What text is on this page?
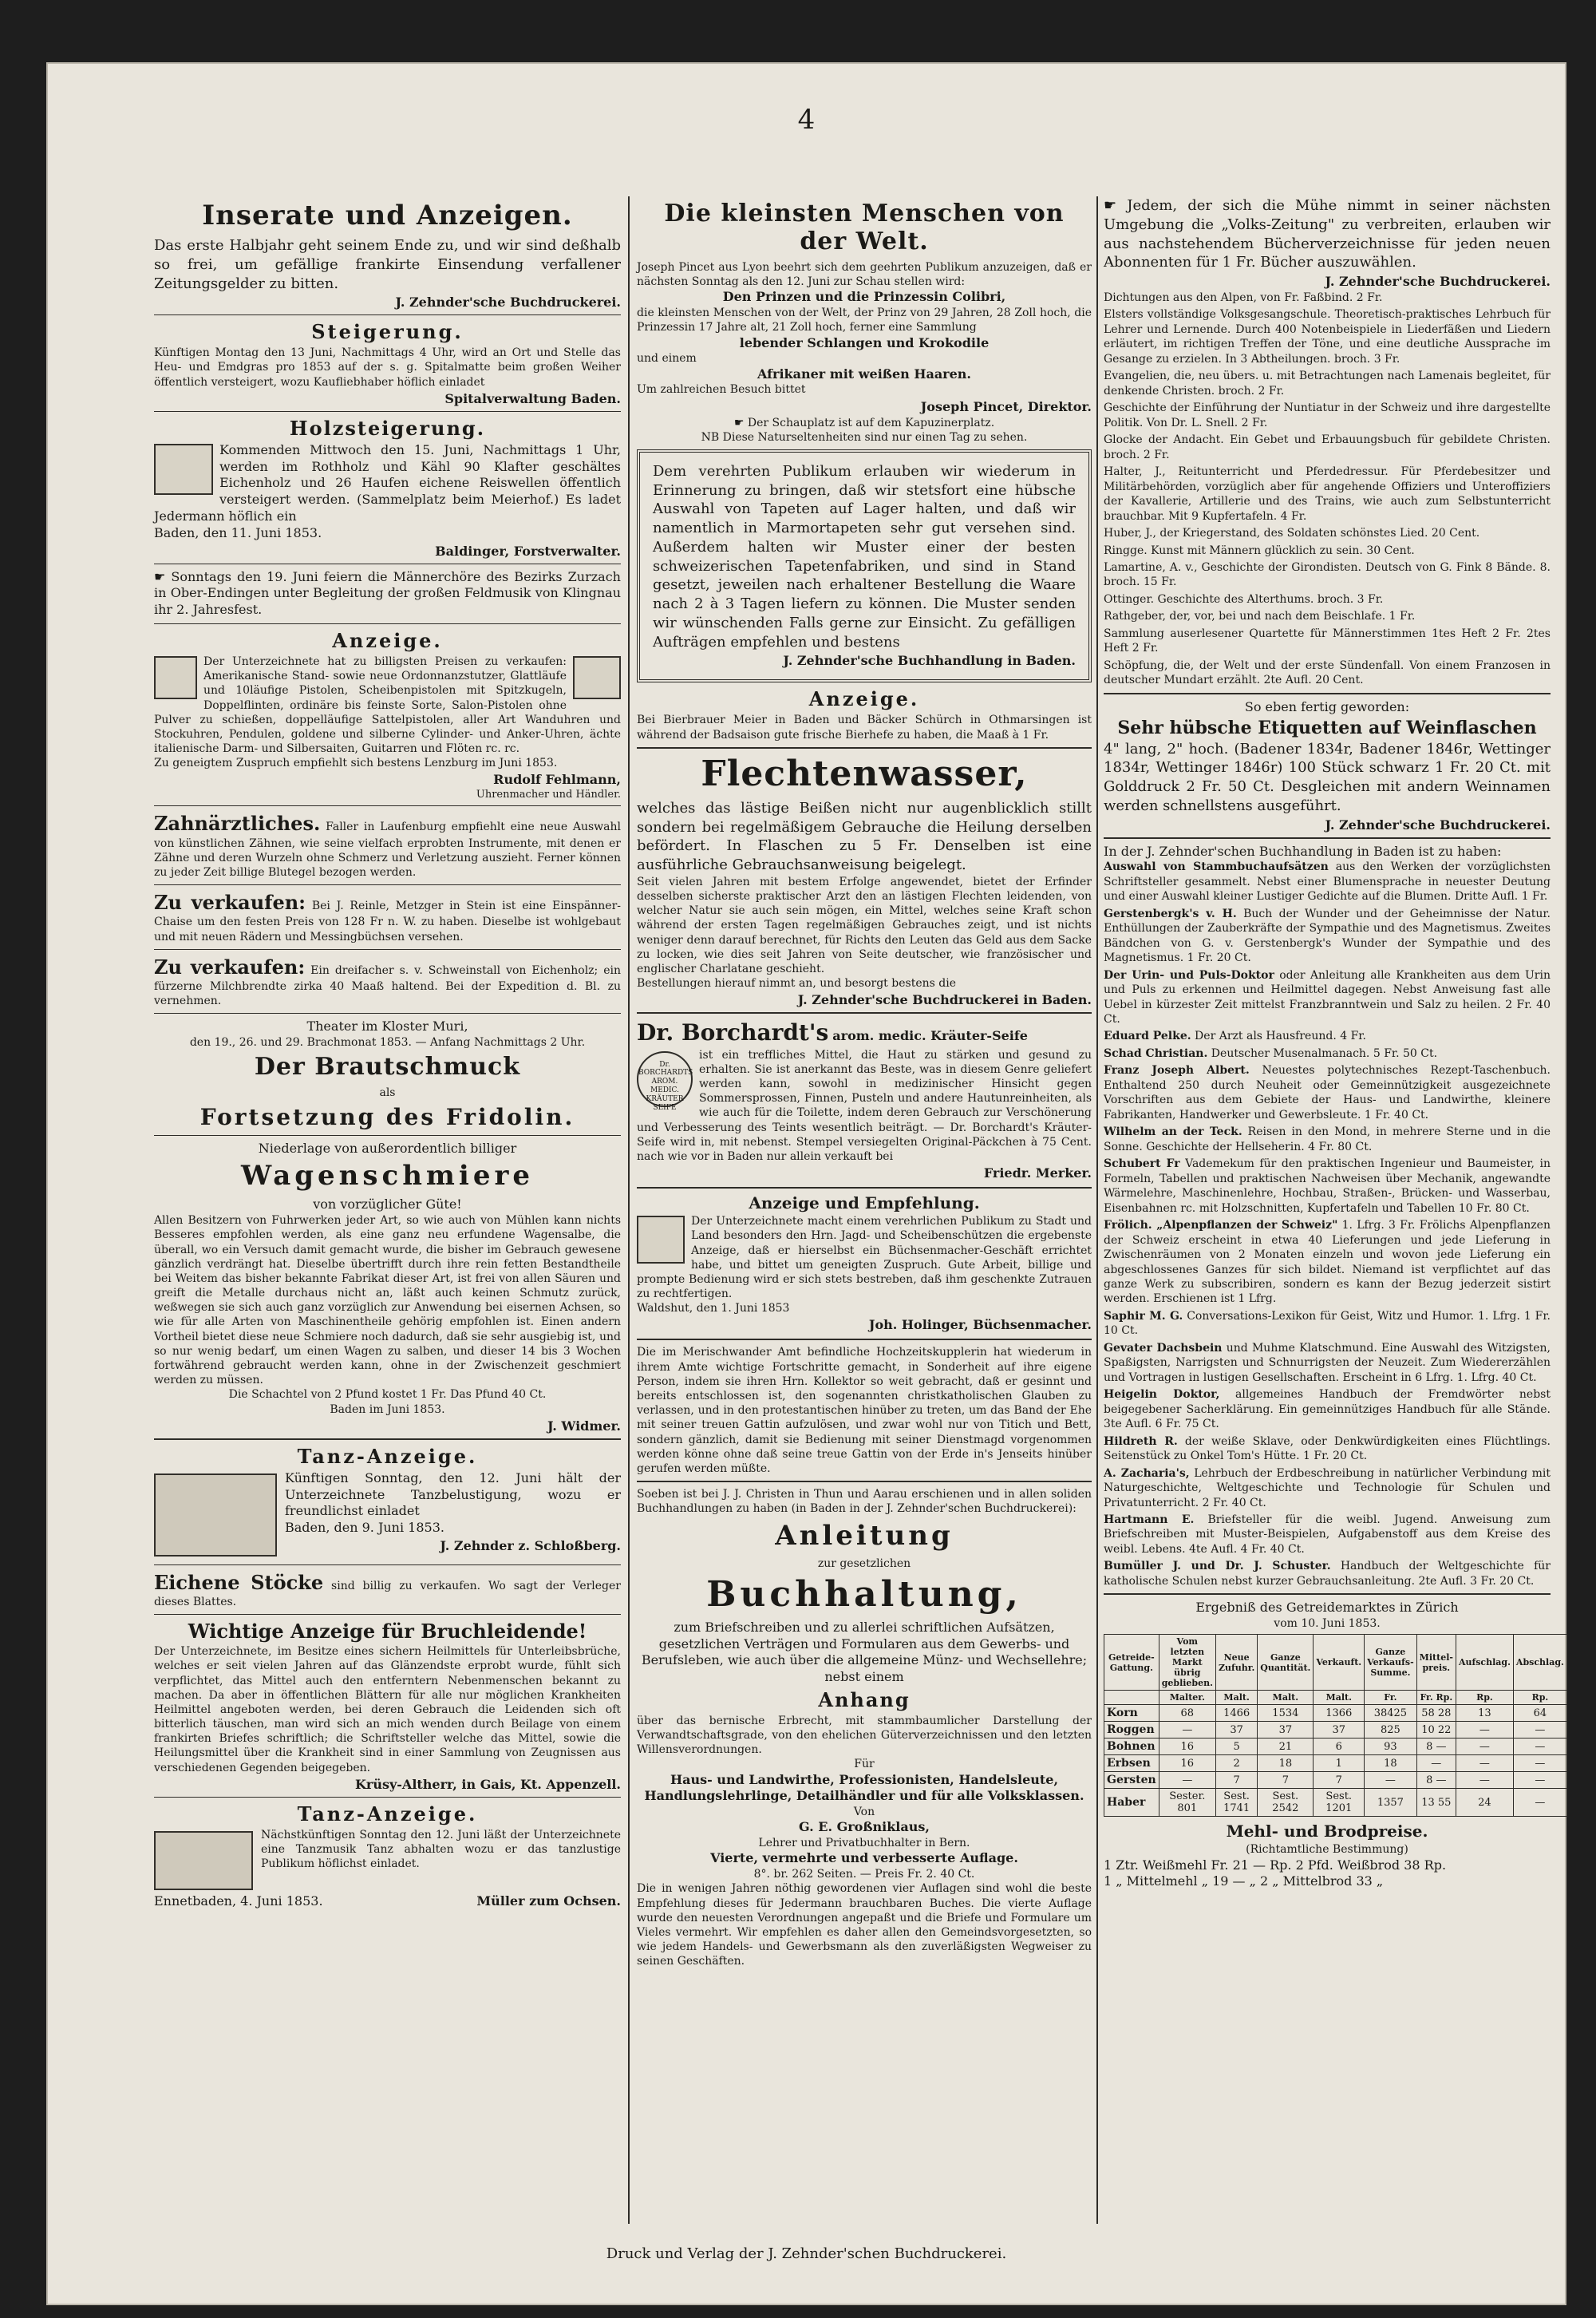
4
Inserate und Anzeigen.

Das erste Halbjahr geht seinem Ende zu, und wir sind deßhalb so frei, um gefällige frankirte Einsendung verfallener Zeitungsgelder zu bitten.

J. Zehnder'sche Buchdruckerei.
Steigerung.

Künftigen Montag den 13 Juni, Nachmittags 4 Uhr, wird an Ort und Stelle das Heu- und Emdgras pro 1853 auf der s. g. Spitalmatte beim großen Weiher öffentlich versteigert, wozu Kaufliebhaber höflich einladet

Spitalverwaltung Baden.
Holzsteigerung.

Kommenden Mittwoch den 15. Juni, Nachmittags 1 Uhr, werden im Rothholz und Kähl 90 Klafter geschältes Eichenholz und 26 Haufen eichene Reiswellen öffentlich versteigert werden. (Sammelplatz beim Meierhof.) Es ladet Jedermann höflich ein

Baden, den 11. Juni 1853.
Baldinger, Forstverwalter.

☛ Sonntags den 19. Juni feiern die Männerchöre des Bezirks Zurzach in Ober-Endingen unter Begleitung der großen Feldmusik von Klingnau ihr 2. Jahresfest.

Anzeige.

Der Unterzeichnete hat zu billigsten Preisen zu verkaufen: Amerikanische Stand- sowie neue Ordonnanzstutzer, Glattläufe und 10läufige Pistolen, Scheibenpistolen mit Spitzkugeln, Doppelflinten, ordinäre bis feinste Sorte, Salon-Pistolen ohne Pulver zu schießen, doppelläufige Sattelpistolen, aller Art Wanduhren und Stockuhren, Pendulen, goldene und silberne Cylinder- und Anker-Uhren, ächte italienische Darm- und Silbersaiten, Guitarren und Flöten rc. rc.

Zu geneigtem Zuspruch empfiehlt sich bestens Lenzburg im Juni 1853.

Rudolf Fehlmann,
Uhrenmacher und Händler.

Zahnärztliches. Faller in Laufenburg empfiehlt eine neue Auswahl von künstlichen Zähnen, wie seine vielfach erprobten Instrumente, mit denen er Zähne und deren Wurzeln ohne Schmerz und Verletzung auszieht. Ferner können zu jeder Zeit billige Blutegel bezogen werden.

Zu verkaufen: Bei J. Reinle, Metzger in Stein ist eine Einspänner-Chaise um den festen Preis von 128 Fr n. W. zu haben. Dieselbe ist wohlgebaut und mit neuen Rädern und Messingbüchsen versehen.

Zu verkaufen: Ein dreifacher s. v. Schweinstall von Eichenholz; ein fürzerne Milchbrendte zirka 40 Maaß haltend. Bei der Expedition d. Bl. zu vernehmen.

Theater im Kloster Muri,
den 19., 26. und 29. Brachmonat 1853. — Anfang Nachmittags 2 Uhr.
Der Brautschmuck
als
Fortsetzung des Fridolin.
Niederlage von außerordentlich billiger
Wagenschmiere
von vorzüglicher Güte!

Allen Besitzern von Fuhrwerken jeder Art, so wie auch von Mühlen kann nichts Besseres empfohlen werden, als eine ganz neu erfundene Wagensalbe, die überall, wo ein Versuch damit gemacht wurde, die bisher im Gebrauch gewesene gänzlich verdrängt hat. Dieselbe übertrifft durch ihre rein fetten Bestandtheile bei Weitem das bisher bekannte Fabrikat dieser Art, ist frei von allen Säuren und greift die Metalle durchaus nicht an, läßt auch keinen Schmutz zurück, weßwegen sie sich auch ganz vorzüglich zur Anwendung bei eisernen Achsen, so wie für alle Arten von Maschinentheile gehörig empfohlen ist. Einen andern Vortheil bietet diese neue Schmiere noch dadurch, daß sie sehr ausgiebig ist, und so nur wenig bedarf, um einen Wagen zu salben, und dieser 14 bis 3 Wochen fortwährend gebraucht werden kann, ohne in der Zwischenzeit geschmiert werden zu müssen.

Die Schachtel von 2 Pfund kostet 1 Fr. Das Pfund 40 Ct.
Baden im Juni 1853.
J. Widmer.
Tanz-Anzeige.

Künftigen Sonntag, den 12. Juni hält der Unterzeichnete Tanzbelustigung, wozu er freundlichst einladet

Baden, den 9. Juni 1853.
J. Zehnder z. Schloßberg.

Eichene Stöcke sind billig zu verkaufen. Wo sagt der Verleger dieses Blattes.

Wichtige Anzeige für Bruchleidende!

Der Unterzeichnete, im Besitze eines sichern Heilmittels für Unterleibsbrüche, welches er seit vielen Jahren auf das Glänzendste erprobt wurde, fühlt sich verpflichtet, das Mittel auch den entferntern Nebenmenschen bekannt zu machen. Da aber in öffentlichen Blättern für alle nur möglichen Krankheiten Heilmittel angeboten werden, bei deren Gebrauch die Leidenden sich oft bitterlich täuschen, man wird sich an mich wenden durch Beilage von einem frankirten Briefes schriftlich; die Schriftsteller welche das Mittel, sowie die Heilungsmittel über die Krankheit sind in einer Sammlung von Zeugnissen aus verschiedenen Gegenden beigegeben.

Krüsy-Altherr, in Gais, Kt. Appenzell.
Tanz-Anzeige.

Nächstkünftigen Sonntag den 12. Juni läßt der Unterzeichnete eine Tanzmusik Tanz abhalten wozu er das tanzlustige Publikum höflichst einladet.

Ennetbaden, 4. Juni 1853.	Müller zum Ochsen.
Die kleinsten Menschen von der Welt.

Joseph Pincet aus Lyon beehrt sich dem geehrten Publikum anzuzeigen, daß er nächsten Sonntag als den 12. Juni zur Schau stellen wird:

Den Prinzen und die Prinzessin Colibri,

die kleinsten Menschen von der Welt, der Prinz von 29 Jahren, 28 Zoll hoch, die Prinzessin 17 Jahre alt, 21 Zoll hoch, ferner eine Sammlung

lebender Schlangen und Krokodile
und einem
Afrikaner mit weißen Haaren.
Um zahlreichen Besuch bittet
Joseph Pincet, Direktor.
☛ Der Schauplatz ist auf dem Kapuzinerplatz.
NB Diese Naturseltenheiten sind nur einen Tag zu sehen.

Dem verehrten Publikum erlauben wir wiederum in Erinnerung zu bringen, daß wir stetsfort eine hübsche Auswahl von Tapeten auf Lager halten, und daß wir namentlich in Marmortapeten sehr gut versehen sind. Außerdem halten wir Muster einer der besten schweizerischen Tapetenfabriken, und sind in Stand gesetzt, jeweilen nach erhaltener Bestellung die Waare nach 2 à 3 Tagen liefern zu können. Die Muster senden wir wünschenden Falls gerne zur Einsicht. Zu gefälligen Aufträgen empfehlen und bestens

J. Zehnder'sche Buchhandlung in Baden.
Anzeige.

Bei Bierbrauer Meier in Baden und Bäcker Schürch in Othmarsingen ist während der Badsaison gute frische Bierhefe zu haben, die Maaß à 1 Fr.

Flechtenwasser,

welches das lästige Beißen nicht nur augenblicklich stillt sondern bei regelmäßigem Gebrauche die Heilung derselben befördert. In Flaschen zu 5 Fr. Denselben ist eine ausführliche Gebrauchsanweisung beigelegt.

Seit vielen Jahren mit bestem Erfolge angewendet, bietet der Erfinder desselben sicherste praktischer Arzt den an lästigen Flechten leidenden, von welcher Natur sie auch sein mögen, ein Mittel, welches seine Kraft schon während der ersten Tagen regelmäßigen Gebrauches zeigt, und ist nichts weniger denn darauf berechnet, für Richts den Leuten das Geld aus dem Sacke zu locken, wie dies seit Jahren von Seite deutscher, wie französischer und englischer Charlatane geschieht.

Bestellungen hierauf nimmt an, und besorgt bestens die
J. Zehnder'sche Buchdruckerei in Baden.
Dr. Borchardt's arom. medic. Kräuter-Seife
Dr. BORCHARDTS AROM. MEDIC. KRÄUTER SEIFE

ist ein treffliches Mittel, die Haut zu stärken und gesund zu erhalten. Sie ist anerkannt das Beste, was in diesem Genre geliefert werden kann, sowohl in medizinischer Hinsicht gegen Sommersprossen, Finnen, Pusteln und andere Hautunreinheiten, als wie auch für die Toilette, indem deren Gebrauch zur Verschönerung und Verbesserung des Teints wesentlich beiträgt. — Dr. Borchardt's Kräuter-Seife wird in, mit nebenst. Stempel versiegelten Original-Päckchen à 75 Cent. nach wie vor in Baden nur allein verkauft bei

Friedr. Merker.
Anzeige und Empfehlung.

Der Unterzeichnete macht einem verehrlichen Publikum zu Stadt und Land besonders den Hrn. Jagd- und Scheibenschützen die ergebenste Anzeige, daß er hierselbst ein Büchsenmacher-Geschäft errichtet habe, und bittet um geneigten Zuspruch. Gute Arbeit, billige und prompte Bedienung wird er sich stets bestreben, daß ihm geschenkte Zutrauen zu rechtfertigen.

Waldshut, den 1. Juni 1853
Joh. Holinger, Büchsenmacher.

Die im Merischwander Amt befindliche Hochzeitskupplerin hat wiederum in ihrem Amte wichtige Fortschritte gemacht, in Sonderheit auf ihre eigene Person, indem sie ihren Hrn. Kollektor so weit gebracht, daß er gesinnt und bereits entschlossen ist, den sogenannten christkatholischen Glauben zu verlassen, und in den protestantischen hinüber zu treten, um das Band der Ehe mit seiner treuen Gattin aufzulösen, und zwar wohl nur von Titich und Bett, sondern gänzlich, damit sie Bedienung mit seiner Dienstmagd vorgenommen werden könne ohne daß seine treue Gattin von der Erde in's Jenseits hinüber gerufen werden müßte.

Soeben ist bei J. J. Christen in Thun und Aarau erschienen und in allen soliden Buchhandlungen zu haben (in Baden in der J. Zehnder'schen Buchdruckerei):

Anleitung
zur gesetzlichen
Buchhaltung,

zum Briefschreiben und zu allerlei schriftlichen Aufsätzen, gesetzlichen Verträgen und Formularen aus dem Gewerbs- und Berufsleben, wie auch über die allgemeine Münz- und Wechsellehre; nebst einem

Anhang

über das bernische Erbrecht, mit stammbaumlicher Darstellung der Verwandtschaftsgrade, von den ehelichen Güterverzeichnissen und den letzten Willensverordnungen.

Für
Haus- und Landwirthe, Professionisten, Handelsleute, Handlungslehrlinge, Detailhändler und für alle Volksklassen.
Von
G. E. Großniklaus,
Lehrer und Privatbuchhalter in Bern.
Vierte, vermehrte und verbesserte Auflage.
8°. br. 262 Seiten. — Preis Fr. 2. 40 Ct.

Die in wenigen Jahren nöthig gewordenen vier Auflagen sind wohl die beste Empfehlung dieses für Jedermann brauchbaren Buches. Die vierte Auflage wurde den neuesten Verordnungen angepaßt und die Briefe und Formulare um Vieles vermehrt. Wir empfehlen es daher allen den Gemeindsvorgesetzten, so wie jedem Handels- und Gewerbsmann als den zuverläßigsten Wegweiser zu seinen Geschäften.

☛ Jedem, der sich die Mühe nimmt in seiner nächsten Umgebung die „Volks-Zeitung" zu verbreiten, erlauben wir aus nachstehendem Bücherverzeichnisse für jeden neuen Abonnenten für 1 Fr. Bücher auszuwählen.

J. Zehnder'sche Buchdruckerei.

Dichtungen aus den Alpen, von Fr. Faßbind. 2 Fr.

Elsters vollständige Volksgesangschule. Theoretisch-praktisches Lehrbuch für Lehrer und Lernende. Durch 400 Notenbeispiele in Liederfäßen und Liedern erläutert, im richtigen Treffen der Töne, und eine deutliche Aussprache im Gesange zu erzielen. In 3 Abtheilungen. broch. 3 Fr.

Evangelien, die, neu übers. u. mit Betrachtungen nach Lamenais begleitet, für denkende Christen. broch. 2 Fr.

Geschichte der Einführung der Nuntiatur in der Schweiz und ihre dargestellte Politik. Von Dr. L. Snell. 2 Fr.

Glocke der Andacht. Ein Gebet und Erbauungsbuch für gebildete Christen. broch. 2 Fr.

Halter, J., Reitunterricht und Pferdedressur. Für Pferdebesitzer und Militärbehörden, vorzüglich aber für angehende Offiziers und Unteroffiziers der Kavallerie, Artillerie und des Trains, wie auch zum Selbstunterricht brauchbar. Mit 9 Kupfertafeln. 4 Fr.

Huber, J., der Kriegerstand, des Soldaten schönstes Lied. 20 Cent.

Ringge. Kunst mit Männern glücklich zu sein. 30 Cent.

Lamartine, A. v., Geschichte der Girondisten. Deutsch von G. Fink 8 Bände. 8. broch. 15 Fr.

Ottinger. Geschichte des Alterthums. broch. 3 Fr.

Rathgeber, der, vor, bei und nach dem Beischlafe. 1 Fr.

Sammlung auserlesener Quartette für Männerstimmen 1tes Heft 2 Fr. 2tes Heft 2 Fr.

Schöpfung, die, der Welt und der erste Sündenfall. Von einem Franzosen in deutscher Mundart erzählt. 2te Aufl. 20 Cent.

So eben fertig geworden:
Sehr hübsche Etiquetten auf Weinflaschen

4" lang, 2" hoch. (Badener 1834r, Badener 1846r, Wettinger 1834r, Wettinger 1846r) 100 Stück schwarz 1 Fr. 20 Ct. mit Golddruck 2 Fr. 50 Ct. Desgleichen mit andern Weinnamen werden schnellstens ausgeführt.

J. Zehnder'sche Buchdruckerei.

In der J. Zehnder'schen Buchhandlung in Baden ist zu haben:

Auswahl von Stammbuchaufsätzen aus den Werken der vorzüglichsten Schriftsteller gesammelt. Nebst einer Blumensprache in neuester Deutung und einer Auswahl kleiner Lustiger Gedichte auf die Blumen. Dritte Aufl. 1 Fr.

Gerstenbergk's v. H. Buch der Wunder und der Geheimnisse der Natur. Enthüllungen der Zauberkräfte der Sympathie und des Magnetismus. Zweites Bändchen von G. v. Gerstenbergk's Wunder der Sympathie und des Magnetismus. 1 Fr. 20 Ct.

Der Urin- und Puls-Doktor oder Anleitung alle Krankheiten aus dem Urin und Puls zu erkennen und Heilmittel dagegen. Nebst Anweisung fast alle Uebel in kürzester Zeit mittelst Franzbranntwein und Salz zu heilen. 2 Fr. 40 Ct.

Eduard Pelke. Der Arzt als Hausfreund. 4 Fr.

Schad Christian. Deutscher Musenalmanach. 5 Fr. 50 Ct.

Franz Joseph Albert. Neuestes polytechnisches Rezept-Taschenbuch. Enthaltend 250 durch Neuheit oder Gemeinnützigkeit ausgezeichnete Vorschriften aus dem Gebiete der Haus- und Landwirthe, kleinere Fabrikanten, Handwerker und Gewerbsleute. 1 Fr. 40 Ct.

Wilhelm an der Teck. Reisen in den Mond, in mehrere Sterne und in die Sonne. Geschichte der Hellseherin. 4 Fr. 80 Ct.

Schubert Fr Vademekum für den praktischen Ingenieur und Baumeister, in Formeln, Tabellen und praktischen Nachweisen über Mechanik, angewandte Wärmelehre, Maschinenlehre, Hochbau, Straßen-, Brücken- und Wasserbau, Eisenbahnen rc. mit Holzschnitten, Kupfertafeln und Tabellen 10 Fr. 80 Ct.

Frölich. „Alpenpflanzen der Schweiz" 1. Lfrg. 3 Fr. Frölichs Alpenpflanzen der Schweiz erscheint in etwa 40 Lieferungen und jede Lieferung in Zwischenräumen von 2 Monaten einzeln und wovon jede Lieferung ein abgeschlossenes Ganzes für sich bildet. Niemand ist verpflichtet auf das ganze Werk zu subscribiren, sondern es kann der Bezug jederzeit sistirt werden. Erschienen ist 1 Lfrg.

Saphir M. G. Conversations-Lexikon für Geist, Witz und Humor. 1. Lfrg. 1 Fr. 10 Ct.

Gevater Dachsbein und Muhme Klatschmund. Eine Auswahl des Witzigsten, Spaßigsten, Narrigsten und Schnurrigsten der Neuzeit. Zum Wiedererzählen und Vortragen in lustigen Gesellschaften. Erscheint in 6 Lfrg. 1. Lfrg. 40 Ct.

Heigelin Doktor, allgemeines Handbuch der Fremdwörter nebst beigegebener Sacherklärung. Ein gemeinnütziges Handbuch für alle Stände. 3te Aufl. 6 Fr. 75 Ct.

Hildreth R. der weiße Sklave, oder Denkwürdigkeiten eines Flüchtlings. Seitenstück zu Onkel Tom's Hütte. 1 Fr. 20 Ct.

A. Zacharia's, Lehrbuch der Erdbeschreibung in natürlicher Verbindung mit Naturgeschichte, Weltgeschichte und Technologie für Schulen und Privatunterricht. 2 Fr. 40 Ct.

Hartmann E. Briefsteller für die weibl. Jugend. Anweisung zum Briefschreiben mit Muster-Beispielen, Aufgabenstoff aus dem Kreise des weibl. Lebens. 4te Aufl. 4 Fr. 40 Ct.

Bumüller J. und Dr. J. Schuster. Handbuch der Weltgeschichte für katholische Schulen nebst kurzer Gebrauchsanleitung. 2te Aufl. 3 Fr. 20 Ct.

Ergebniß des Getreidemarktes in Zürich
vom 10. Juni 1853.
Getreide-Gattung.	Vom letzten Markt übrig geblieben.	Neue Zufuhr.	Ganze Quantität.	Verkauft.	Ganze Verkaufs-Summe.	Mittel-preis.	Aufschlag.	Abschlag.
	Malter.	Malt.	Malt.	Malt.	Fr.	Fr. Rp.	Rp.	Rp.
Korn	68	1466	1534	1366	38425	58 28	13	64
Roggen	—	37	37	37	825	10 22	—	—
Bohnen	16	5	21	6	93	8 —	—	—
Erbsen	16	2	18	1	18	—	—	—
Gersten	—	7	7	7	—	8 —	—	—
Haber	Sester. 801	Sest. 1741	Sest. 2542	Sest. 1201	1357	13 55	24	—
Mehl- und Brodpreise.
(Richtamtliche Bestimmung)
1 Ztr. Weißmehl Fr. 21 — Rp. 2 Pfd. Weißbrod 38 Rp.
1 „ Mittelmehl „ 19 — „ 2 „ Mittelbrod 33 „
Druck und Verlag der J. Zehnder'schen Buchdruckerei.
